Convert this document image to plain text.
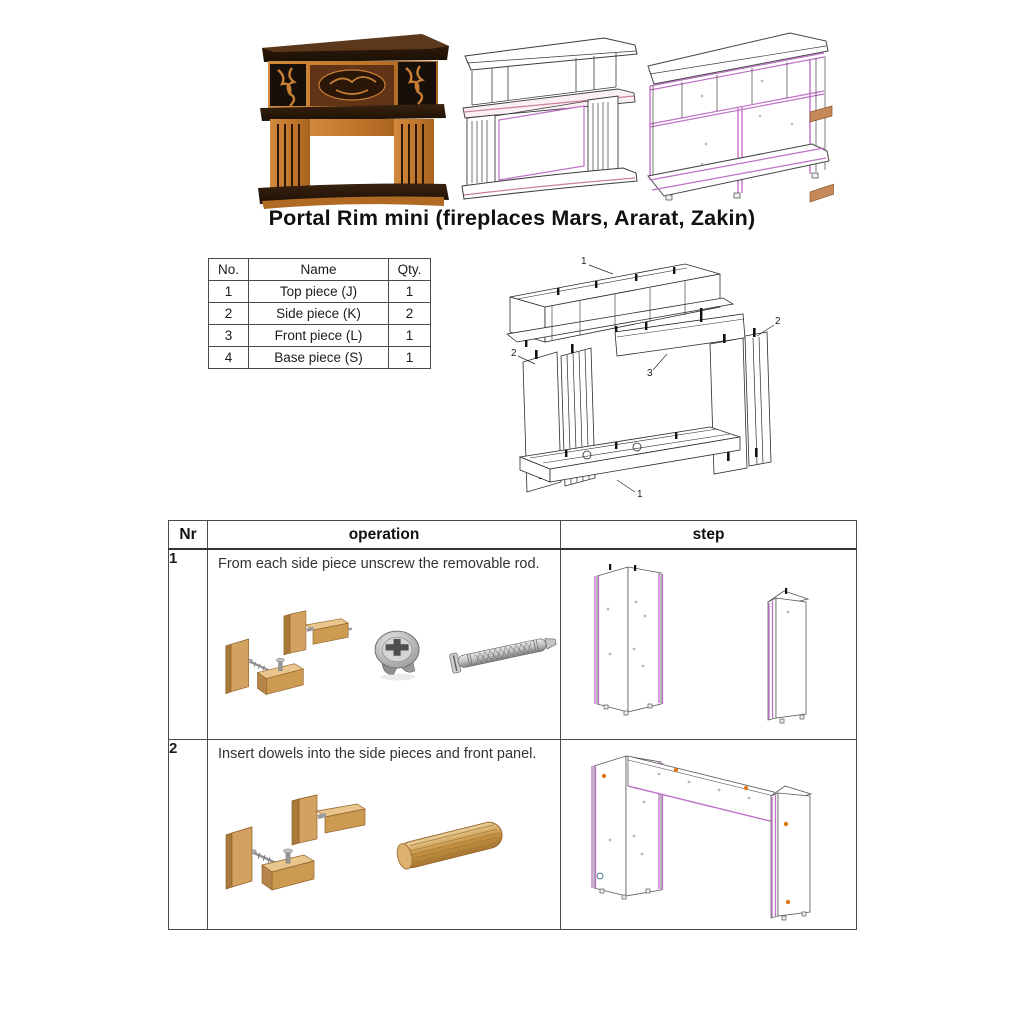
Portal Rim mini (fireplaces Mars, Ararat, Zakin)
No.	Name	Qty.
1	Top piece (J)	1
2	Side piece (K)	2
3	Front piece (L)	1
4	Base piece (S)	1
1
3
2
2
1
Nr	operation	step
1	From each side piece unscrew the removable rod.

2	Insert dowels into the side pieces and front panel.
